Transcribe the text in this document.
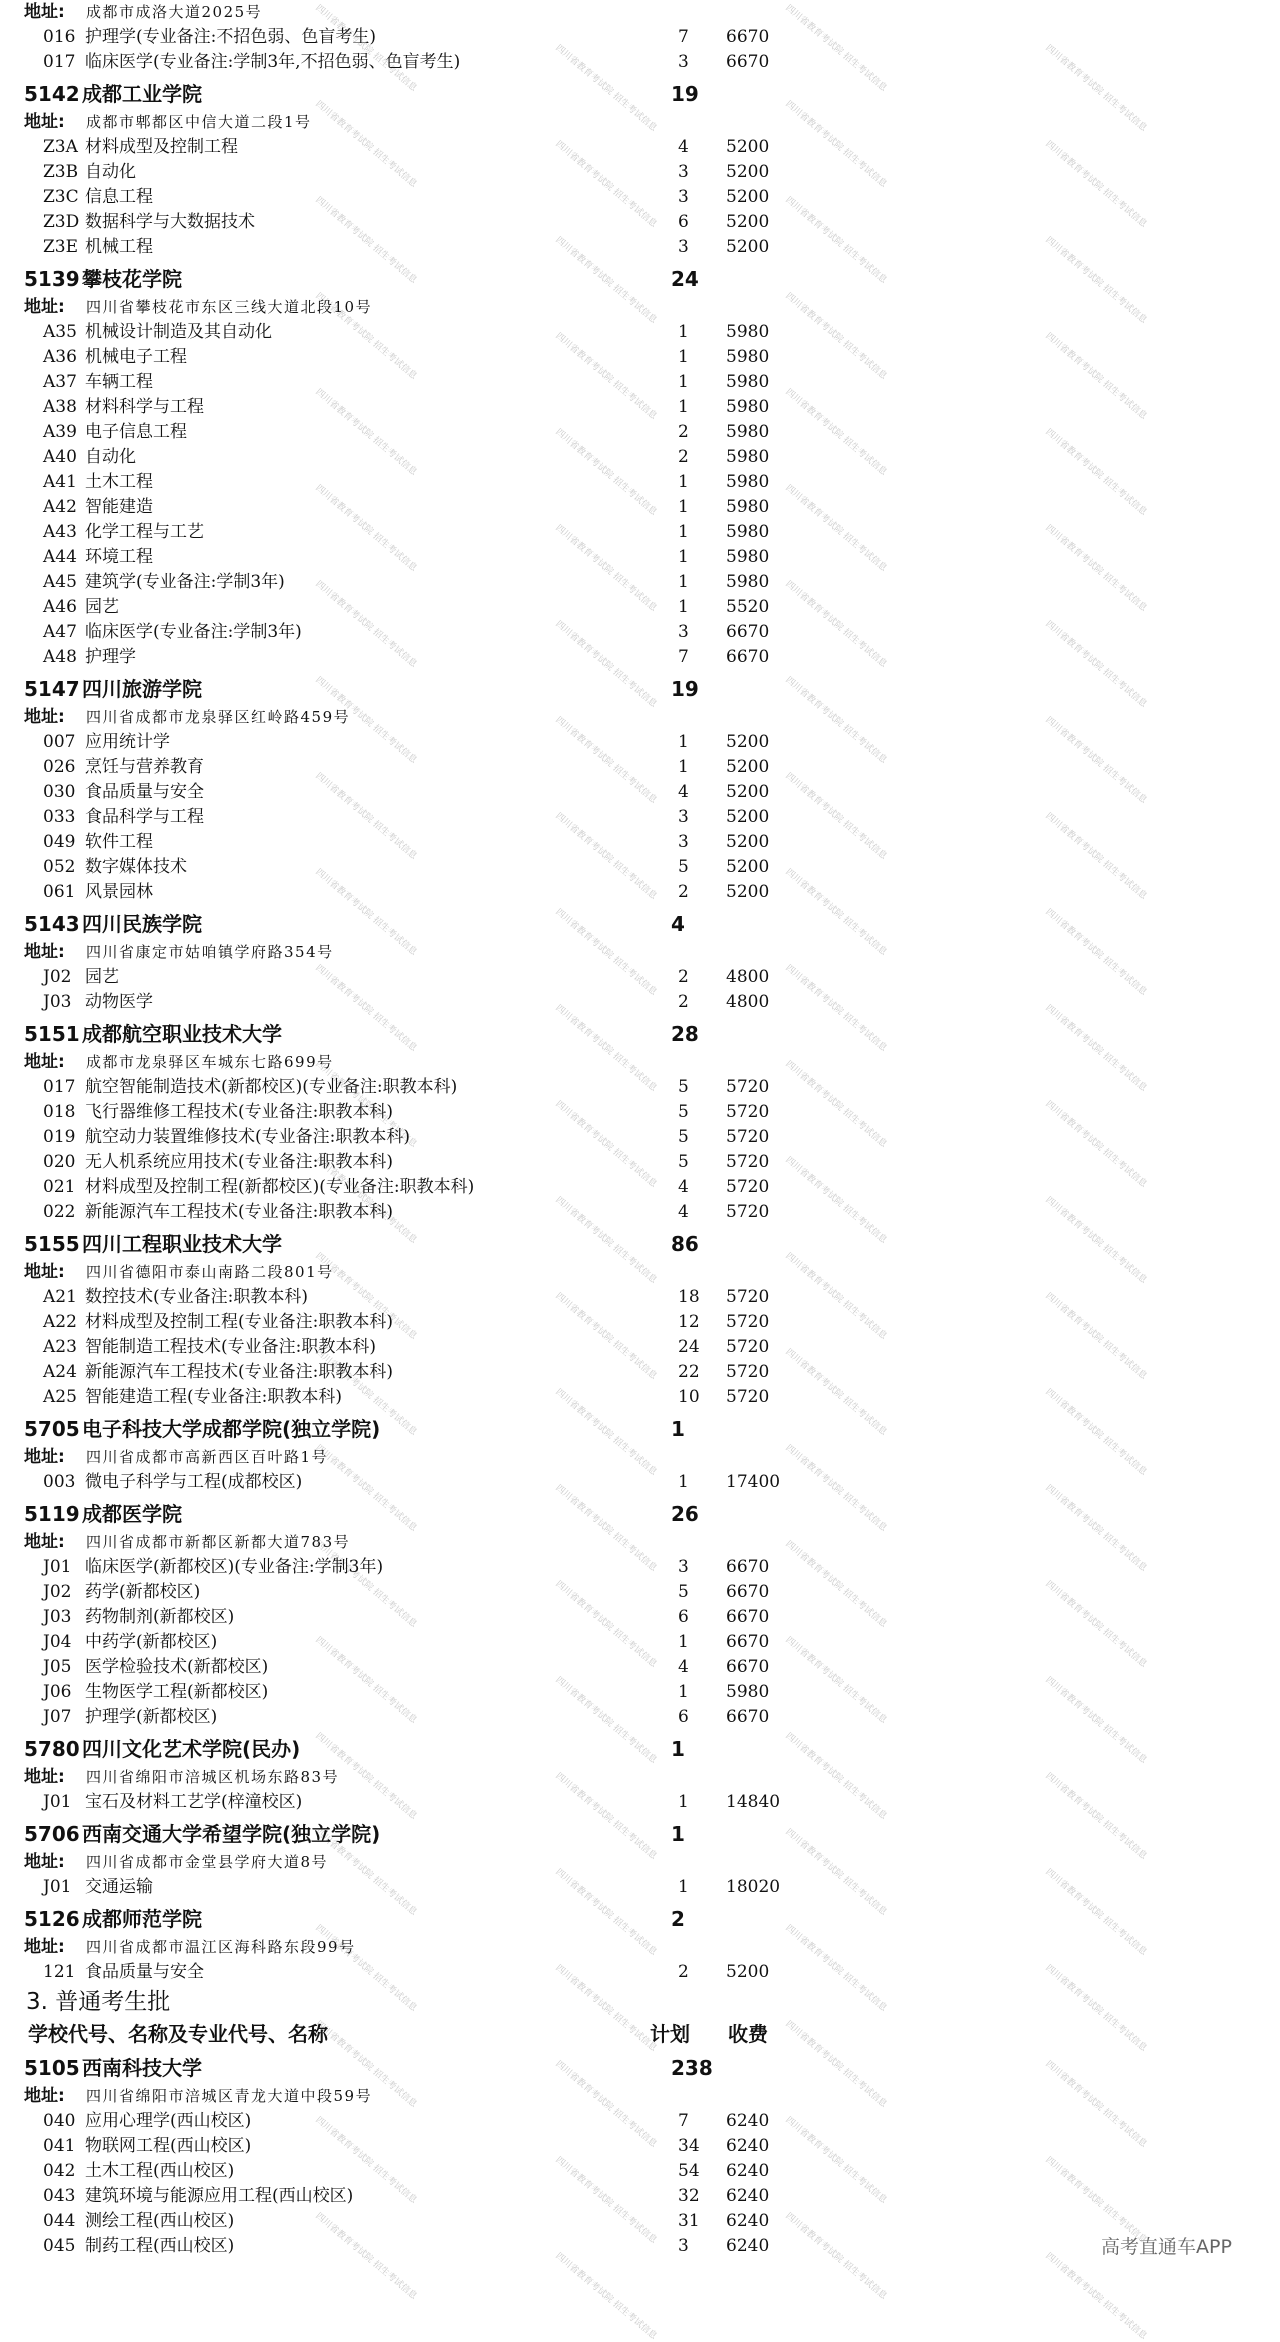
四川省教育考试院 招生考试信息
四川省教育考试院 招生考试信息
四川省教育考试院 招生考试信息
四川省教育考试院 招生考试信息
四川省教育考试院 招生考试信息
四川省教育考试院 招生考试信息
四川省教育考试院 招生考试信息
四川省教育考试院 招生考试信息
四川省教育考试院 招生考试信息
四川省教育考试院 招生考试信息
四川省教育考试院 招生考试信息
四川省教育考试院 招生考试信息
四川省教育考试院 招生考试信息
四川省教育考试院 招生考试信息
四川省教育考试院 招生考试信息
四川省教育考试院 招生考试信息
四川省教育考试院 招生考试信息
四川省教育考试院 招生考试信息
四川省教育考试院 招生考试信息
四川省教育考试院 招生考试信息
四川省教育考试院 招生考试信息
四川省教育考试院 招生考试信息
四川省教育考试院 招生考试信息
四川省教育考试院 招生考试信息
四川省教育考试院 招生考试信息
四川省教育考试院 招生考试信息
四川省教育考试院 招生考试信息
四川省教育考试院 招生考试信息
四川省教育考试院 招生考试信息
四川省教育考试院 招生考试信息
四川省教育考试院 招生考试信息
四川省教育考试院 招生考试信息
四川省教育考试院 招生考试信息
四川省教育考试院 招生考试信息
四川省教育考试院 招生考试信息
四川省教育考试院 招生考试信息
四川省教育考试院 招生考试信息
四川省教育考试院 招生考试信息
四川省教育考试院 招生考试信息
四川省教育考试院 招生考试信息
四川省教育考试院 招生考试信息
四川省教育考试院 招生考试信息
四川省教育考试院 招生考试信息
四川省教育考试院 招生考试信息
四川省教育考试院 招生考试信息
四川省教育考试院 招生考试信息
四川省教育考试院 招生考试信息
四川省教育考试院 招生考试信息
四川省教育考试院 招生考试信息
四川省教育考试院 招生考试信息
四川省教育考试院 招生考试信息
四川省教育考试院 招生考试信息
四川省教育考试院 招生考试信息
四川省教育考试院 招生考试信息
四川省教育考试院 招生考试信息
四川省教育考试院 招生考试信息
四川省教育考试院 招生考试信息
四川省教育考试院 招生考试信息
四川省教育考试院 招生考试信息
四川省教育考试院 招生考试信息
四川省教育考试院 招生考试信息
四川省教育考试院 招生考试信息
四川省教育考试院 招生考试信息
四川省教育考试院 招生考试信息
四川省教育考试院 招生考试信息
四川省教育考试院 招生考试信息
四川省教育考试院 招生考试信息
四川省教育考试院 招生考试信息
四川省教育考试院 招生考试信息
四川省教育考试院 招生考试信息
四川省教育考试院 招生考试信息
四川省教育考试院 招生考试信息
四川省教育考试院 招生考试信息
四川省教育考试院 招生考试信息
四川省教育考试院 招生考试信息
四川省教育考试院 招生考试信息
四川省教育考试院 招生考试信息
四川省教育考试院 招生考试信息
四川省教育考试院 招生考试信息
四川省教育考试院 招生考试信息
四川省教育考试院 招生考试信息
四川省教育考试院 招生考试信息
四川省教育考试院 招生考试信息
四川省教育考试院 招生考试信息
四川省教育考试院 招生考试信息
四川省教育考试院 招生考试信息
四川省教育考试院 招生考试信息
四川省教育考试院 招生考试信息
四川省教育考试院 招生考试信息
四川省教育考试院 招生考试信息
四川省教育考试院 招生考试信息
四川省教育考试院 招生考试信息
四川省教育考试院 招生考试信息
四川省教育考试院 招生考试信息
四川省教育考试院 招生考试信息
四川省教育考试院 招生考试信息
地址: 成都市成洛大道2025号
016 护理学(专业备注:不招色弱、色盲考生)	7 6670
017 临床医学(专业备注:学制3年,不招色弱、色盲考生)	3 6670
5142 成都工业学院	19
地址: 成都市郫都区中信大道二段1号
Z3A 材料成型及控制工程	4 5200
Z3B 自动化	3 5200
Z3C 信息工程	3 5200
Z3D 数据科学与大数据技术	6 5200
Z3E 机械工程	3 5200
5139 攀枝花学院	24
地址: 四川省攀枝花市东区三线大道北段10号
A35 机械设计制造及其自动化	1 5980
A36 机械电子工程	1 5980
A37 车辆工程	1 5980
A38 材料科学与工程	1 5980
A39 电子信息工程	2 5980
A40 自动化	2 5980
A41 土木工程	1 5980
A42 智能建造	1 5980
A43 化学工程与工艺	1 5980
A44 环境工程	1 5980
A45 建筑学(专业备注:学制3年)	1 5980
A46 园艺	1 5520
A47 临床医学(专业备注:学制3年)	3 6670
A48 护理学	7 6670
5147 四川旅游学院	19
地址: 四川省成都市龙泉驿区红岭路459号
007 应用统计学	1 5200
026 烹饪与营养教育	1 5200
030 食品质量与安全	4 5200
033 食品科学与工程	3 5200
049 软件工程	3 5200
052 数字媒体技术	5 5200
061 风景园林	2 5200
5143 四川民族学院	4
地址: 四川省康定市姑咱镇学府路354号
J02 园艺	2 4800
J03 动物医学	2 4800
5151 成都航空职业技术大学	28
地址: 成都市龙泉驿区车城东七路699号
017 航空智能制造技术(新都校区)(专业备注:职教本科)	5 5720
018 飞行器维修工程技术(专业备注:职教本科)	5 5720
019 航空动力装置维修技术(专业备注:职教本科)	5 5720
020 无人机系统应用技术(专业备注:职教本科)	5 5720
021 材料成型及控制工程(新都校区)(专业备注:职教本科)	4 5720
022 新能源汽车工程技术(专业备注:职教本科)	4 5720
5155 四川工程职业技术大学	86
地址: 四川省德阳市泰山南路二段801号
A21 数控技术(专业备注:职教本科)	18 5720
A22 材料成型及控制工程(专业备注:职教本科)	12 5720
A23 智能制造工程技术(专业备注:职教本科)	24 5720
A24 新能源汽车工程技术(专业备注:职教本科)	22 5720
A25 智能建造工程(专业备注:职教本科)	10 5720
5705 电子科技大学成都学院(独立学院)	1
地址: 四川省成都市高新西区百叶路1号
003 微电子科学与工程(成都校区)	1 17400
5119 成都医学院	26
地址: 四川省成都市新都区新都大道783号
J01 临床医学(新都校区)(专业备注:学制3年)	3 6670
J02 药学(新都校区)	5 6670
J03 药物制剂(新都校区)	6 6670
J04 中药学(新都校区)	1 6670
J05 医学检验技术(新都校区)	4 6670
J06 生物医学工程(新都校区)	1 5980
J07 护理学(新都校区)	6 6670
5780 四川文化艺术学院(民办)	1
地址: 四川省绵阳市涪城区机场东路83号
J01 宝石及材料工艺学(梓潼校区)	1 14840
5706 西南交通大学希望学院(独立学院)	1
地址: 四川省成都市金堂县学府大道8号
J01 交通运输	1 18020
5126 成都师范学院	2
地址: 四川省成都市温江区海科路东段99号
121 食品质量与安全	2 5200
3. 普通考生批
学校代号、名称及专业代号、名称	计划 收费
5105 西南科技大学	238
地址: 四川省绵阳市涪城区青龙大道中段59号
040 应用心理学(西山校区)	7 6240
041 物联网工程(西山校区)	34 6240
042 土木工程(西山校区)	54 6240
043 建筑环境与能源应用工程(西山校区)	32 6240
044 测绘工程(西山校区)	31 6240
045 制药工程(西山校区)	3 6240	高考直通车APP
